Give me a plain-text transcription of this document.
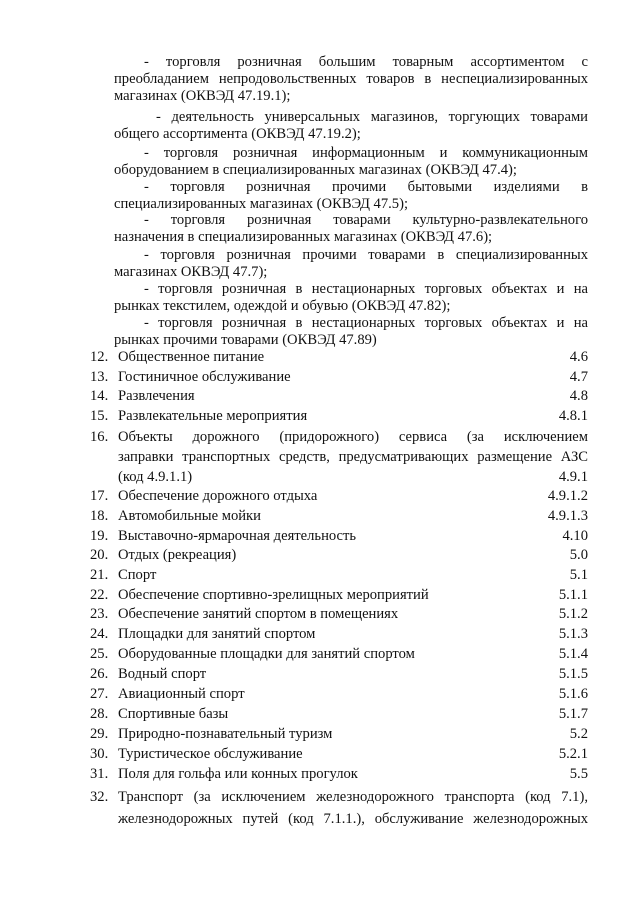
- торговля розничная большим товарным ассортиментом с
преобладанием непродовольственных товаров в неспециализированных
магазинах (ОКВЭД 47.19.1);
- деятельность универсальных магазинов, торгующих товарами
общего ассортимента (ОКВЭД 47.19.2);
- торговля розничная информационным и коммуникационным
оборудованием в специализированных магазинах (ОКВЭД 47.4);
- торговля розничная прочими бытовыми изделиями в
специализированных магазинах (ОКВЭД 47.5);
- торговля розничная товарами культурно-развлекательного
назначения в специализированных магазинах (ОКВЭД 47.6);
- торговля розничная прочими товарами в специализированных
магазинах ОКВЭД 47.7);
- торговля розничная в нестационарных торговых объектах и на
рынках текстилем, одеждой и обувью (ОКВЭД 47.82);
- торговля розничная в нестационарных торговых объектах и на
рынках прочими товарами (ОКВЭД 47.89)
12. Общественное питание	4.6
13. Гостиничное обслуживание	4.7
14. Развлечения	4.8
15. Развлекательные мероприятия	4.8.1
16. Объекты дорожного (придорожного) сервиса (за исключением
заправки транспортных средств, предусматривающих размещение АЗС
(код 4.9.1.1)	4.9.1
17. Обеспечение дорожного отдыха	4.9.1.2
18. Автомобильные мойки	4.9.1.3
19. Выставочно-ярмарочная деятельность	4.10
20. Отдых (рекреация)	5.0
21. Спорт	5.1
22. Обеспечение спортивно-зрелищных мероприятий	5.1.1
23. Обеспечение занятий спортом в помещениях	5.1.2
24. Площадки для занятий спортом	5.1.3
25. Оборудованные площадки для занятий спортом	5.1.4
26. Водный спорт	5.1.5
27. Авиационный спорт	5.1.6
28. Спортивные базы	5.1.7
29. Природно-познавательный туризм	5.2
30. Туристическое обслуживание	5.2.1
31. Поля для гольфа или конных прогулок	5.5
32. Транспорт (за исключением железнодорожного транспорта (код 7.1),
железнодорожных путей (код 7.1.1.), обслуживание железнодорожных
